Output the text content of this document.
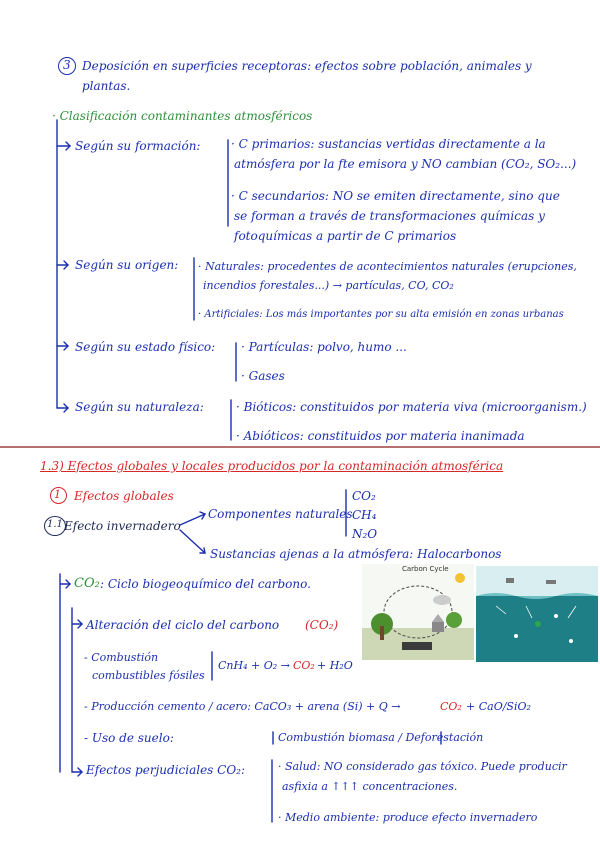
3 Deposición en superficies receptoras: efectos sobre población, animales y
plantas.
· Clasificación contaminantes atmosféricos
Según su formación:	· C primarios: sustancias vertidas directamente a la
atmósfera por la fte emisora y NO cambian (CO₂, SO₂...)
· C secundarios: NO se emiten directamente, sino que
se forman a través de transformaciones químicas y
fotoquímicas a partir de C primarios
Según su origen: · Naturales: procedentes de acontecimientos naturales (erupciones,
incendios forestales...) → partículas, CO, CO₂
· Artificiales: Los más importantes por su alta emisión en zonas urbanas
Según su estado físico: · Partículas: polvo, humo ...
· Gases
Según su naturaleza:	· Bióticos: constituidos por materia viva (microorganism.)
· Abióticos: constituidos por materia inanimada
1.3) Efectos globales y locales producidos por la contaminación atmosférica
1 Efectos globales
1.1 Efecto invernadero
Componentes naturales
CO₂
CH₄
N₂O
Sustancias ajenas a la atmósfera: Halocarbonos
CO₂ : Ciclo biogeoquímico del carbono.
Carbon Cycle
Alteración del ciclo del carbono (CO₂)
- Combustión
combustibles fósiles
CnH₄ + O₂ → CO₂ + H₂O
- Producción cemento / acero: CaCO₃ + arena (Si) + Q →	CO₂ + CaO/SiO₂
- Uso de suelo:	Combustión biomasa / Deforestación
Efectos perjudiciales CO₂:	· Salud: NO considerado gas tóxico. Puede producir
asfixia a ↑↑↑ concentraciones.
· Medio ambiente: produce efecto invernadero
